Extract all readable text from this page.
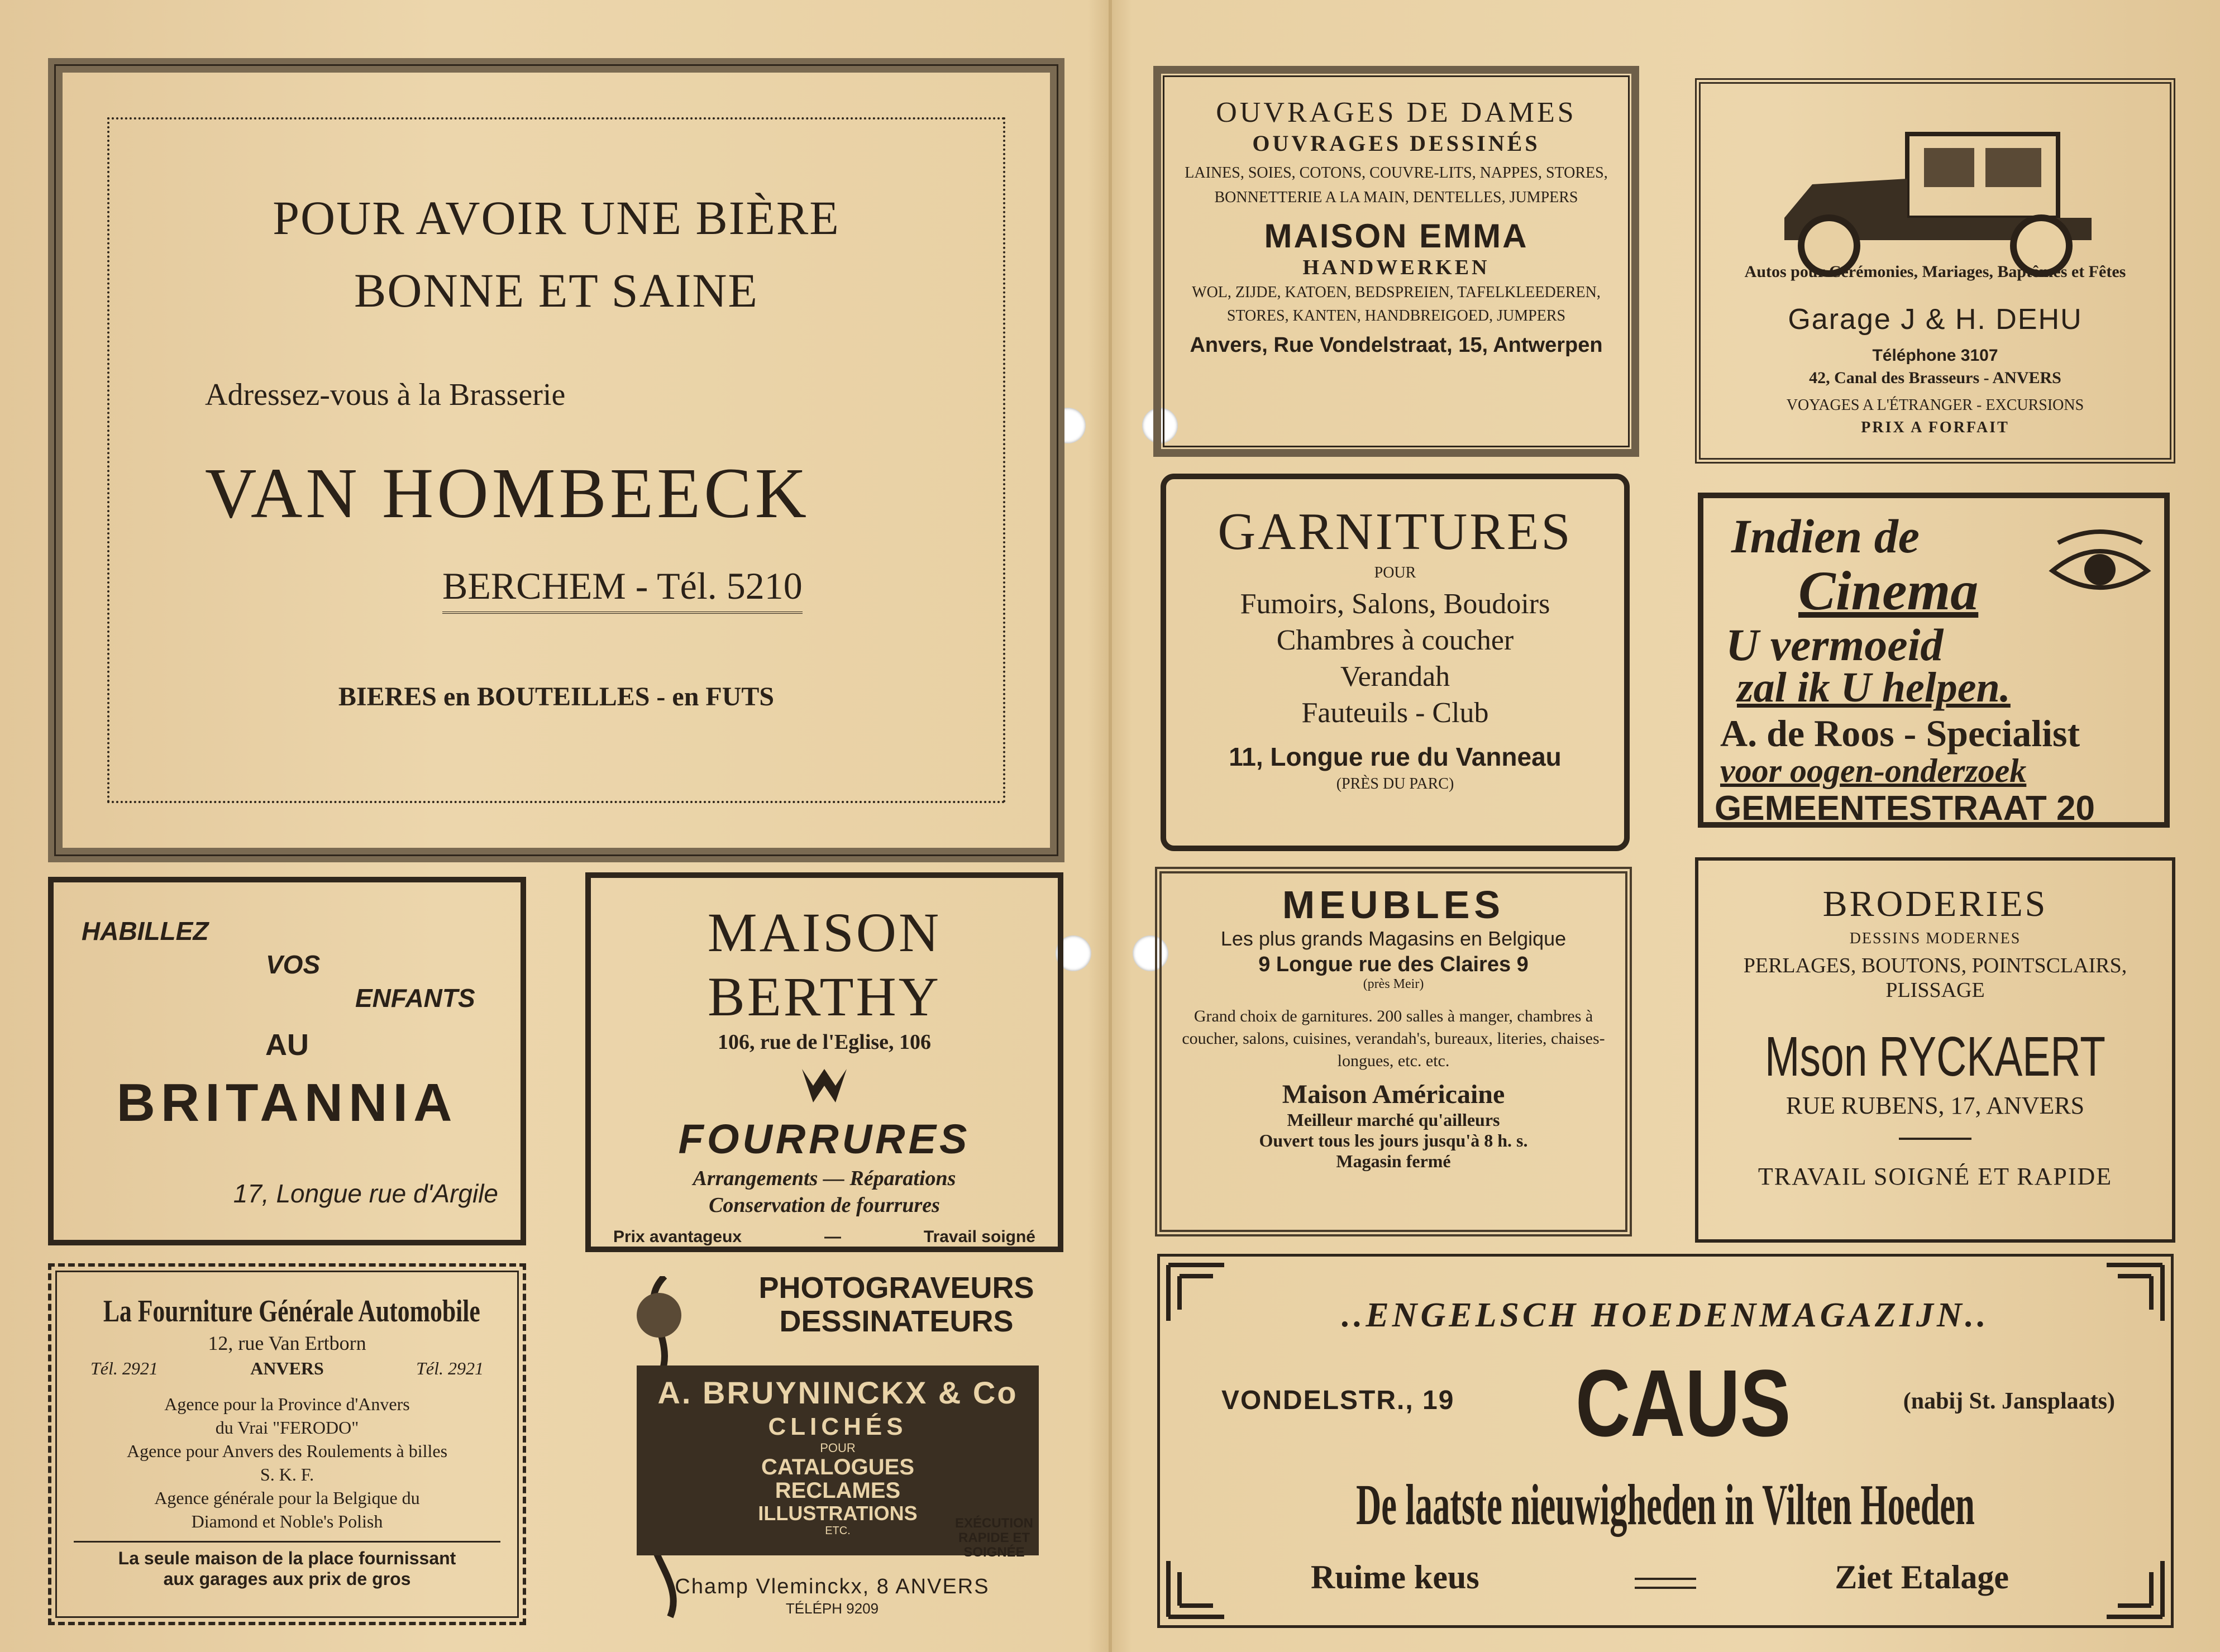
POUR AVOIR UNE BIÈRE
BONNE ET SAINE
Adressez-vous à la Brasserie
VAN HOMBEECK
BERCHEM - Tél. 5210
BIERES en BOUTEILLES - en FUTS
OUVRAGES DE DAMES
OUVRAGES DESSINÉS
LAINES, SOIES, COTONS, COUVRE-LITS, NAPPES, STORES, BONNETTERIE A LA MAIN, DENTELLES, JUMPERS
MAISON EMMA
HANDWERKEN
WOL, ZIJDE, KATOEN, BEDSPREIEN, TAFELKLEEDEREN, STORES, KANTEN, HANDBREIGOED, JUMPERS
Anvers, Rue Vondelstraat, 15, Antwerpen
Autos pour Cérémonies, Mariages, Baptêmes et Fêtes
Garage J & H. DEHU
Téléphone 3107
42, Canal des Brasseurs - ANVERS
VOYAGES A L'ÉTRANGER - EXCURSIONS
PRIX A FORFAIT
GARNITURES
POUR
Fumoirs, Salons, Boudoirs
Chambres à coucher
Verandah
Fauteuils - Club
11, Longue rue du Vanneau
(PRÈS DU PARC)
Indien de
Cinema
U vermoeid
zal ik U helpen.
A. de Roos - Specialist
voor oogen-onderzoek
GEMEENTESTRAAT 20
HABILLEZ
VOS
ENFANTS
AU
BRITANNIA
17, Longue rue d'Argile
MAISON BERTHY
106, rue de l'Eglise, 106
FOURRURES
Arrangements — Réparations
Conservation de fourrures
Prix avantageux	—	Travail soigné
MEUBLES
Les plus grands Magasins en Belgique
9 Longue rue des Claires 9
(près Meir)
Grand choix de garnitures. 200 salles à manger, chambres à coucher, salons, cuisines, verandah's, bureaux, literies, chaises-longues, etc. etc.
Maison Américaine
Meilleur marché qu'ailleurs
Ouvert tous les jours jusqu'à 8 h. s.
Magasin fermé
BRODERIES
DESSINS MODERNES
PERLAGES, BOUTONS, POINTSCLAIRS,
PLISSAGE
Mson RYCKAERT
RUE RUBENS, 17, ANVERS
TRAVAIL SOIGNÉ ET RAPIDE
La Fourniture Générale Automobile
12, rue Van Ertborn
Tél. 2921	ANVERS	Tél. 2921
Agence pour la Province d'Anvers
du Vrai "FERODO"
Agence pour Anvers des Roulements à billes
S. K. F.
Agence générale pour la Belgique du
Diamond et Noble's Polish
La seule maison de la place fournissant
aux garages aux prix de gros
PHOTOGRAVEURS
DESSINATEURS
A. BRUYNINCKX & Co
CLICHÉS
POUR
CATALOGUES
RECLAMES
ILLUSTRATIONS
ETC.	EXÉCUTION
RAPIDE ET
SOIGNÉE
Champ Vleminckx, 8 ANVERS
TÉLÉPH 9209
..ENGELSCH HOEDENMAGAZIJN..
VONDELSTR., 19 CAUS	(nabij St. Jansplaats)
De laatste nieuwigheden in Vilten Hoeden
Ruime keus	Ziet Etalage
